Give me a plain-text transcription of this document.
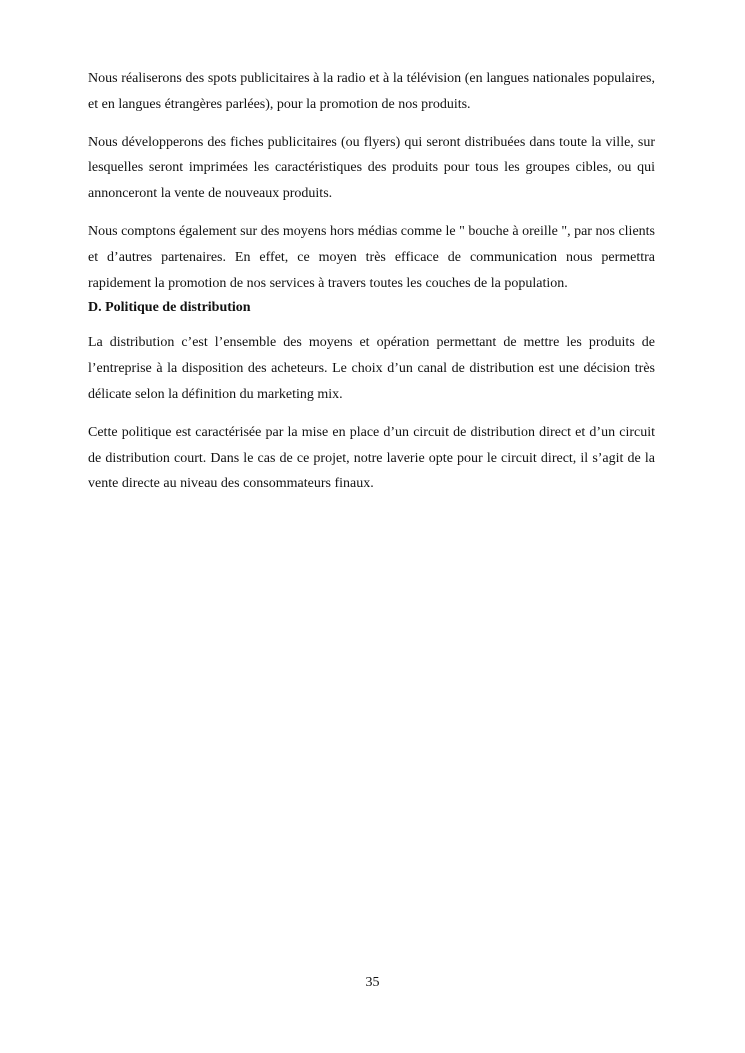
Nous réaliserons des spots publicitaires à la radio et à la télévision (en langues nationales populaires, et en langues étrangères parlées), pour la promotion de nos produits.

Nous développerons des fiches publicitaires (ou flyers) qui seront distribuées dans toute la ville, sur lesquelles seront imprimées les caractéristiques des produits pour tous les groupes cibles, ou qui annonceront la vente de nouveaux produits.

Nous comptons également sur des moyens hors médias comme le " bouche à oreille ", par nos clients et d’autres partenaires. En effet, ce moyen très efficace de communication nous permettra rapidement la promotion de nos services à travers toutes les couches de la population.

D. Politique de distribution

La distribution c’est l’ensemble des moyens et opération permettant de mettre les produits de l’entreprise à la disposition des acheteurs. Le choix d’un canal de distribution est une décision très délicate selon la définition du marketing mix.

Cette politique est caractérisée par la mise en place d’un circuit de distribution direct et d’un circuit de distribution court. Dans le cas de ce projet, notre laverie opte pour le circuit direct, il s’agit de la vente directe au niveau des consommateurs finaux.

35
